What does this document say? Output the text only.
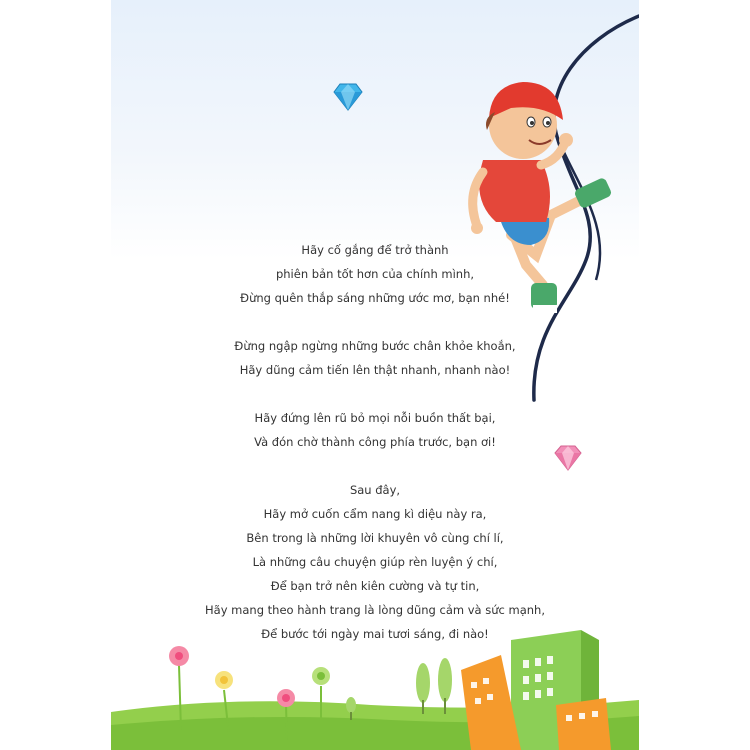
Hãy cố gắng để trở thành

phiên bản tốt hơn của chính mình,

Đừng quên thắp sáng những ước mơ, bạn nhé!

Đừng ngập ngừng những bước chân khỏe khoắn,

Hãy dũng cảm tiến lên thật nhanh, nhanh nào!

Hãy đứng lên rũ bỏ mọi nỗi buồn thất bại,

Và đón chờ thành công phía trước, bạn ơi!

Sau đây,

Hãy mở cuốn cẩm nang kì diệu này ra,

Bên trong là những lời khuyên vô cùng chí lí,

Là những câu chuyện giúp rèn luyện ý chí,

Để bạn trở nên kiên cường và tự tin,

Hãy mang theo hành trang là lòng dũng cảm và sức mạnh,

Để bước tới ngày mai tươi sáng, đi nào!
